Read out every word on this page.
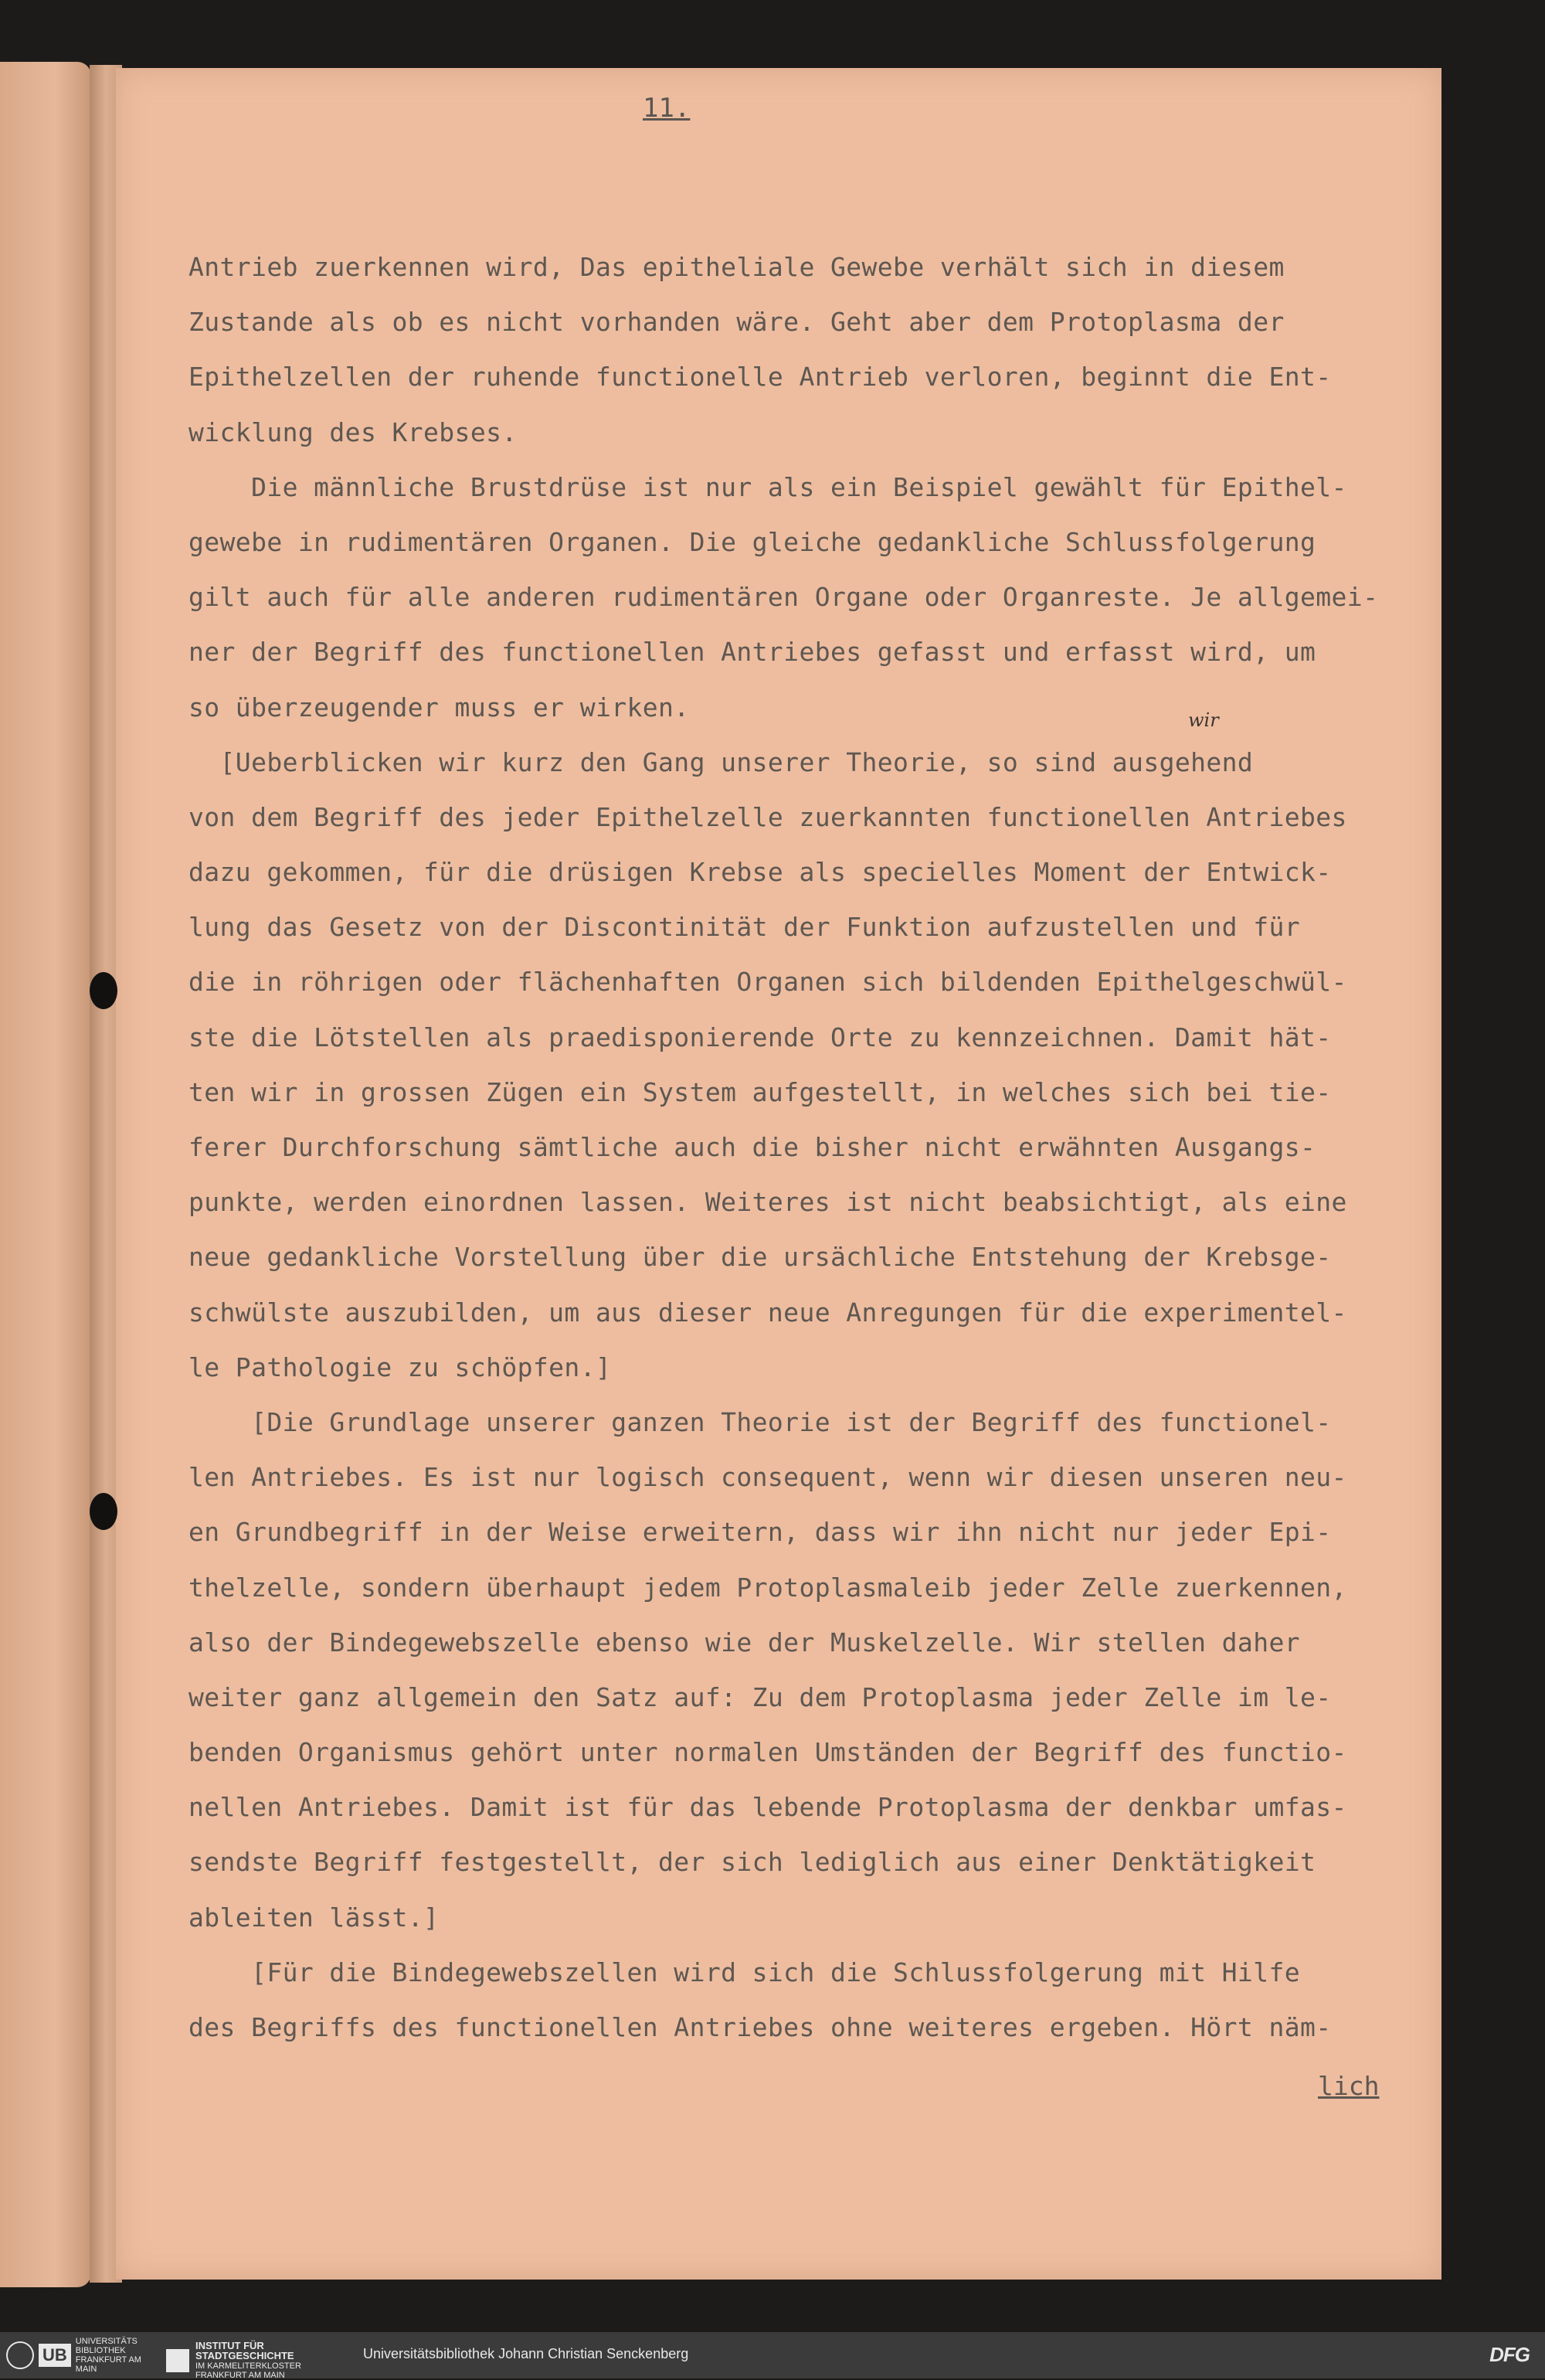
11.
wir
Antrieb zuerkennen wird, Das epitheliale Gewebe verhält sich in diesem
Zustande als ob es nicht vorhanden wäre. Geht aber dem Protoplasma der
Epithelzellen der ruhende functionelle Antrieb verloren, beginnt die Ent-
wicklung des Krebses.
Die männliche Brustdrüse ist nur als ein Beispiel gewählt für Epithel-
gewebe in rudimentären Organen. Die gleiche gedankliche Schlussfolgerung
gilt auch für alle anderen rudimentären Organe oder Organreste. Je allgemei-
ner der Begriff des functionellen Antriebes gefasst und erfasst wird, um
so überzeugender muss er wirken.
[Ueberblicken wir kurz den Gang unserer Theorie, so sind ausgehend
von dem Begriff des jeder Epithelzelle zuerkannten functionellen Antriebes
dazu gekommen, für die drüsigen Krebse als specielles Moment der Entwick-
lung das Gesetz von der Discontinität der Funktion aufzustellen und für
die in röhrigen oder flächenhaften Organen sich bildenden Epithelgeschwül-
ste die Lötstellen als praedisponierende Orte zu kennzeichnen. Damit hät-
ten wir in grossen Zügen ein System aufgestellt, in welches sich bei tie-
ferer Durchforschung sämtliche auch die bisher nicht erwähnten Ausgangs-
punkte, werden einordnen lassen. Weiteres ist nicht beabsichtigt, als eine
neue gedankliche Vorstellung über die ursächliche Entstehung der Krebsge-
schwülste auszubilden, um aus dieser neue Anregungen für die experimentel-
le Pathologie zu schöpfen.]
[Die Grundlage unserer ganzen Theorie ist der Begriff des functionel-
len Antriebes. Es ist nur logisch consequent, wenn wir diesen unseren neu-
en Grundbegriff in der Weise erweitern, dass wir ihn nicht nur jeder Epi-
thelzelle, sondern überhaupt jedem Protoplasmaleib jeder Zelle zuerkennen,
also der Bindegewebszelle ebenso wie der Muskelzelle. Wir stellen daher
weiter ganz allgemein den Satz auf: Zu dem Protoplasma jeder Zelle im le-
benden Organismus gehört unter normalen Umständen der Begriff des functio-
nellen Antriebes. Damit ist für das lebende Protoplasma der denkbar umfas-
sendste Begriff festgestellt, der sich lediglich aus einer Denktätigkeit
ableiten lässt.]
[Für die Bindegewebszellen wird sich die Schlussfolgerung mit Hilfe
des Begriffs des functionellen Antriebes ohne weiteres ergeben. Hört näm-
lich
UB
UNIVERSITÄTS
BIBLIOTHEK
FRANKFURT AM MAIN
INSTITUT FÜR
STADTGESCHICHTE
IM KARMELITERKLOSTER
FRANKFURT AM MAIN
Universitätsbibliothek Johann Christian Senckenberg	DFG
